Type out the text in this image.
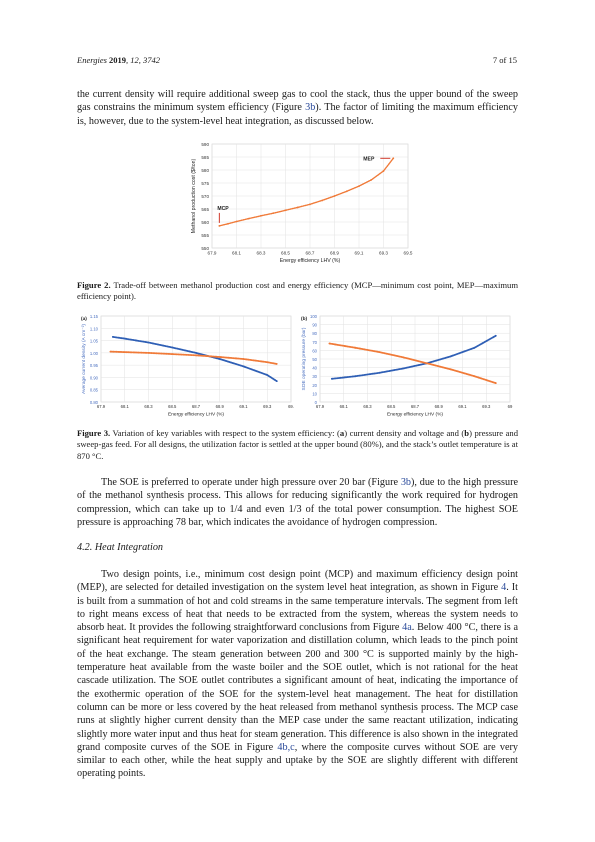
Energies 2019, 12, 3742	7 of 15

the current density will require additional sweep gas to cool the stack, thus the upper bound of the sweep gas constrains the minimum system efficiency (Figure 3b). The factor of limiting the maximum efficiency is, however, due to the system-level heat integration, as discussed below.

550
555
560
565
570
575
580
585
590
67.9	68.1	68.3	68.5	68.7	68.9	69.1	69.3	69.5
Energy efficiency LHV (%)
Methanol production cost ($/ton)	MCP
MEP

Figure 2. Trade-off between methanol production cost and energy efficiency (MCP—minimum cost point, MEP—maximum efficiency point).

0.80
0.85
0.90
0.95
1.00
1.05
1.10
1.15
67.9	68.1	68.3	68.5	68.7	68.9	69.1	69.3	69.
Energy efficiency LHV (%)
Average current density (A cm⁻²)
(a)
0
10
20
30
40
50
60
70
80
90
100
67.9	68.1	68.3	68.5	68.7	68.9	69.1	69.3	69
Energy efficiency LHV (%)
SOE operating pressure (bar)
(b)

Figure 3. Variation of key variables with respect to the system efficiency: (a) current density and voltage and (b) pressure and sweep-gas feed. For all designs, the utilization factor is settled at the upper bound (80%), and the stack’s outlet temperature is at 870 °C.

The SOE is preferred to operate under high pressure over 20 bar (Figure 3b), due to the high pressure of the methanol synthesis process. This allows for reducing significantly the work required for hydrogen compression, which can take up to 1/4 and even 1/3 of the total power consumption. The highest SOE pressure is approaching 78 bar, which indicates the avoidance of hydrogen compression.

4.2. Heat Integration

Two design points, i.e., minimum cost design point (MCP) and maximum efficiency design point (MEP), are selected for detailed investigation on the system level heat integration, as shown in Figure 4. It is built from a summation of hot and cold streams in the same temperature intervals. The segment from left to right means excess of heat that needs to be extracted from the system, whereas the system needs to absorb heat. It provides the following straightforward conclusions from Figure 4a. Below 400 °C, there is a significant heat requirement for water vaporization and distillation column, which leads to the pinch point of the heat exchange. The steam generation between 200 and 300 °C is supported mainly by the high-temperature heat available from the waste boiler and the SOE outlet, which is not rational for the heat cascade utilization. The SOE outlet contributes a significant amount of heat, indicating the importance of the exothermic operation of the SOE for the system-level heat management. The heat for distillation column can be more or less covered by the heat released from methanol synthesis process. The MCP case runs at slightly higher current density than the MEP case under the same reactant utilization, indicating slightly more water input and thus heat for steam generation. This difference is also shown in the integrated grand composite curves of the SOE in Figure 4b,c, where the composite curves without SOE are very similar to each other, while the heat supply and uptake by the SOE are slightly different with different operating points.
